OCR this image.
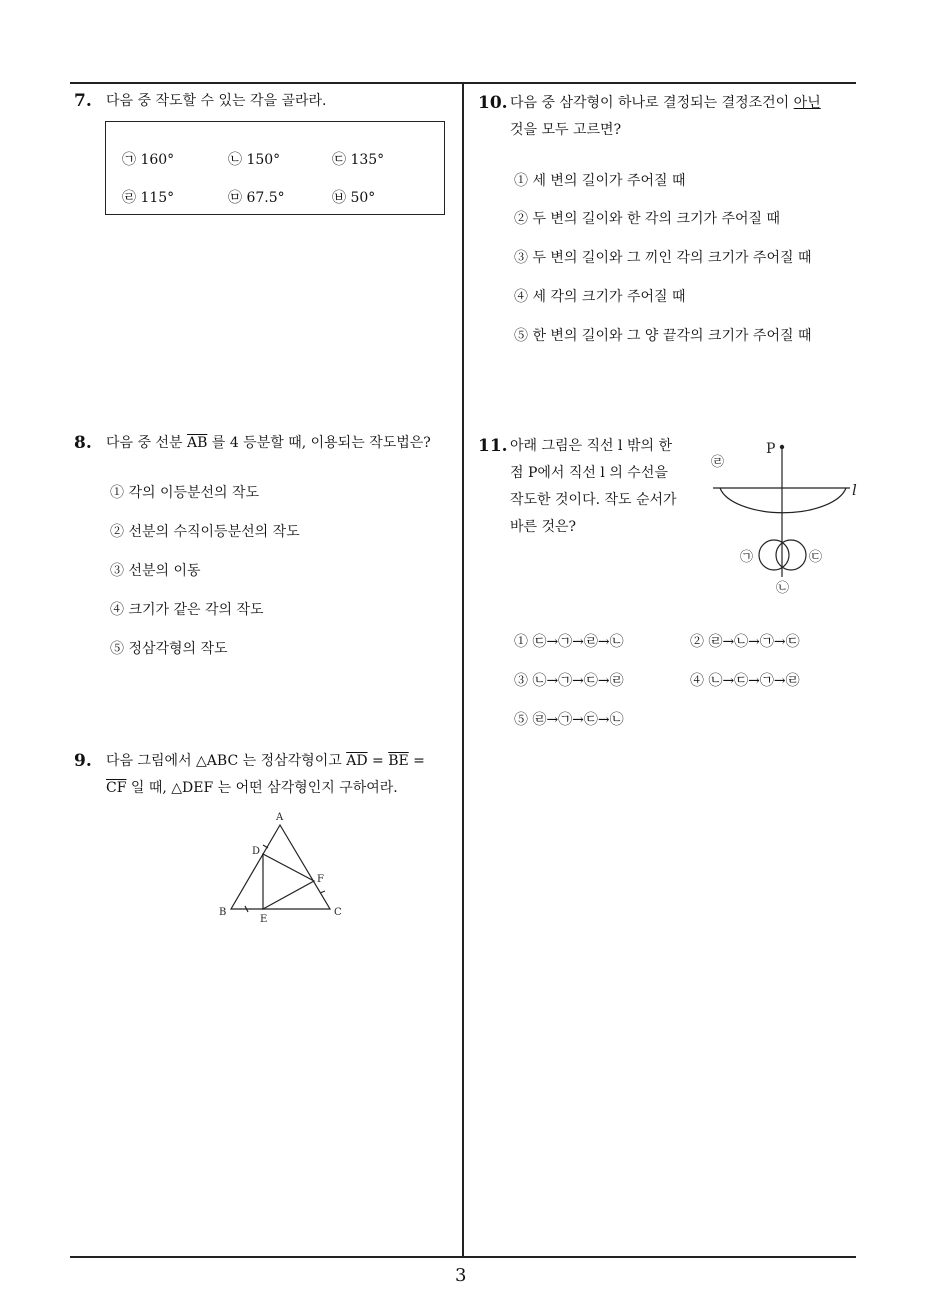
7. 다음 중 작도할 수 있는 각을 골라라.
㉠ 160°	㉡ 150°	㉢ 135°
㉣ 115°	㉤ 67.5°	㉥ 50°
8. 다음 중 선분 $\overline{AB}$ 를 4 등분할 때, 이용되는 작도법은?
① 각의 이등분선의 작도
② 선분의 수직이등분선의 작도
③ 선분의 이동
④ 크기가 같은 각의 작도
⑤ 정삼각형의 작도
9. 다음 그림에서 △ABC 는 정삼각형이고 $\overline{AD} = \overline{BE}$ =
$\overline{CF}$ 일 때, △DEF 는 어떤 삼각형인지 구하여라.
A
B	C
D
E
F
10. 다음 중 삼각형이 하나로 결정되는 결정조건이 아닌
것을 모두 고르면?
① 세 변의 길이가 주어질 때
② 두 변의 길이와 한 각의 크기가 주어질 때
③ 두 변의 길이와 그 끼인 각의 크기가 주어질 때
④ 세 각의 크기가 주어질 때
⑤ 한 변의 길이와 그 양 끝각의 크기가 주어질 때
11. 아래 그림은 직선 l 밖의 한
점 P에서 직선 l 의 수선을
작도한 것이다. 작도 순서가
바른 것은?
P
l
㉣
㉠	㉢
㉡
① ㉢→㉠→㉣→㉡	② ㉣→㉡→㉠→㉢
③ ㉡→㉠→㉢→㉣	④ ㉡→㉢→㉠→㉣
⑤ ㉣→㉠→㉢→㉡
3
